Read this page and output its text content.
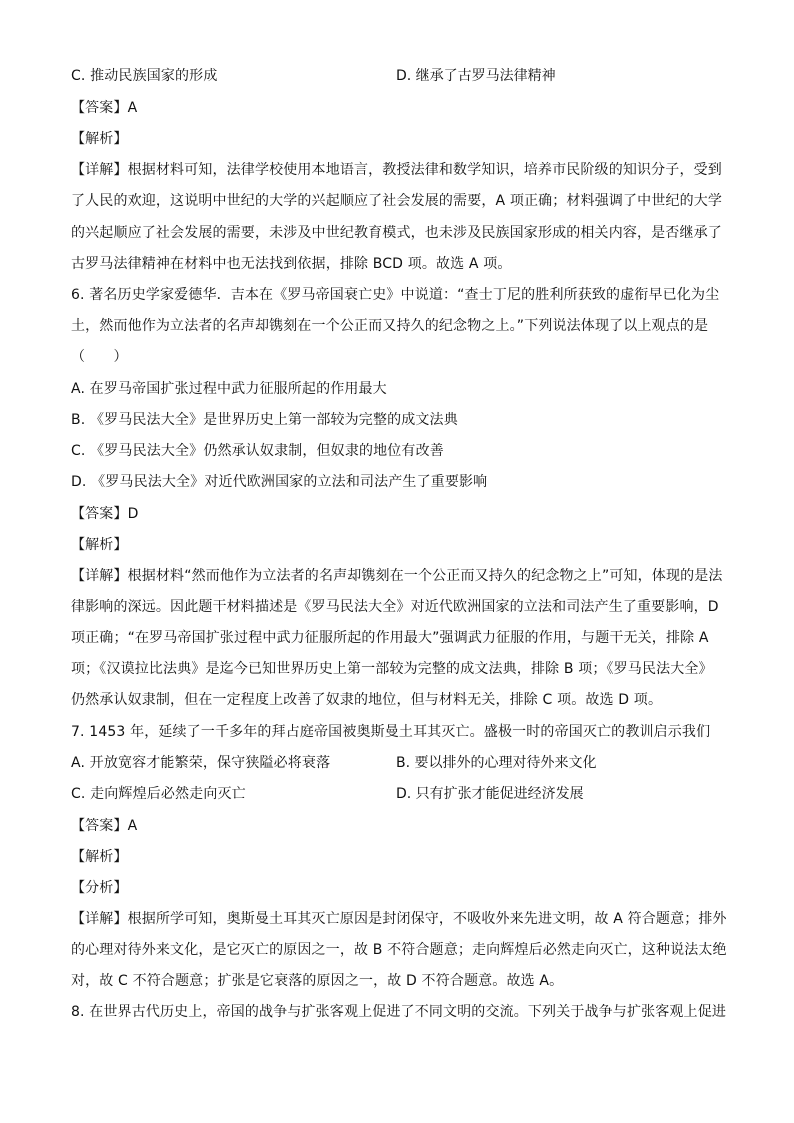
C. 推动民族国家的形成	D. 继承了古罗马法律精神
【答案】A
【解析】
【详解】根据材料可知，法律学校使用本地语言，教授法律和数学知识，培养市民阶级的知识分子，受到
了人民的欢迎，这说明中世纪的大学的兴起顺应了社会发展的需要，A 项正确；材料强调了中世纪的大学
的兴起顺应了社会发展的需要，未涉及中世纪教育模式，也未涉及民族国家形成的相关内容，是否继承了
古罗马法律精神在材料中也无法找到依据，排除 BCD 项。故选 A 项。
6. 著名历史学家爱德华．吉本在《罗马帝国衰亡史》中说道：“查士丁尼的胜利所获致的虚衔早已化为尘
土，然而他作为立法者的名声却镌刻在一个公正而又持久的纪念物之上。”下列说法体现了以上观点的是
（　　）
A. 在罗马帝国扩张过程中武力征服所起的作用最大
B. 《罗马民法大全》是世界历史上第一部较为完整的成文法典
C. 《罗马民法大全》仍然承认奴隶制，但奴隶的地位有改善
D. 《罗马民法大全》对近代欧洲国家的立法和司法产生了重要影响
【答案】D
【解析】
【详解】根据材料“然而他作为立法者的名声却镌刻在一个公正而又持久的纪念物之上”可知，体现的是法
律影响的深远。因此题干材料描述是《罗马民法大全》对近代欧洲国家的立法和司法产生了重要影响，D
项正确；“在罗马帝国扩张过程中武力征服所起的作用最大”强调武力征服的作用，与题干无关，排除 A
项；《汉谟拉比法典》是迄今已知世界历史上第一部较为完整的成文法典，排除 B 项；《罗马民法大全》
仍然承认奴隶制，但在一定程度上改善了奴隶的地位，但与材料无关，排除 C 项。故选 D 项。
7. 1453 年，延续了一千多年的拜占庭帝国被奥斯曼土耳其灭亡。盛极一时的帝国灭亡的教训启示我们
A. 开放宽容才能繁荣，保守狭隘必将衰落	B. 要以排外的心理对待外来文化
C. 走向辉煌后必然走向灭亡	D. 只有扩张才能促进经济发展
【答案】A
【解析】
【分析】
【详解】根据所学可知，奥斯曼土耳其灭亡原因是封闭保守，不吸收外来先进文明，故 A 符合题意；排外
的心理对待外来文化，是它灭亡的原因之一，故 B 不符合题意；走向辉煌后必然走向灭亡，这种说法太绝
对，故 C 不符合题意；扩张是它衰落的原因之一，故 D 不符合题意。故选 A。
8. 在世界古代历史上，帝国的战争与扩张客观上促进了不同文明的交流。下列关于战争与扩张客观上促进
